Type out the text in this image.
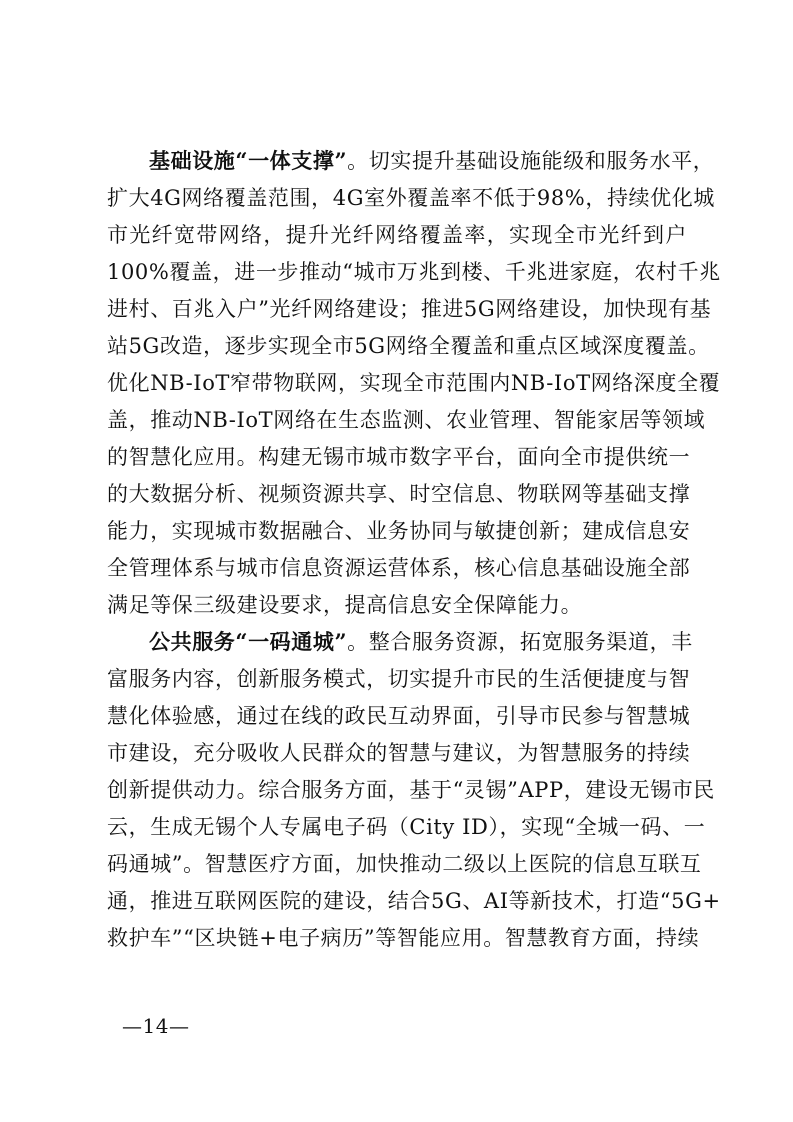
基础设施“一体支撑”。切实提升基础设施能级和服务水平，
扩大4G网络覆盖范围，4G室外覆盖率不低于98%，持续优化城
市光纤宽带网络，提升光纤网络覆盖率，实现全市光纤到户
100%覆盖，进一步推动“城市万兆到楼、千兆进家庭，农村千兆
进村、百兆入户”光纤网络建设；推进5G网络建设，加快现有基
站5G改造，逐步实现全市5G网络全覆盖和重点区域深度覆盖。
优化NB-IoT窄带物联网，实现全市范围内NB-IoT网络深度全覆
盖，推动NB-IoT网络在生态监测、农业管理、智能家居等领域
的智慧化应用。构建无锡市城市数字平台，面向全市提供统一
的大数据分析、视频资源共享、时空信息、物联网等基础支撑
能力，实现城市数据融合、业务协同与敏捷创新；建成信息安
全管理体系与城市信息资源运营体系，核心信息基础设施全部
满足等保三级建设要求，提高信息安全保障能力。
公共服务“一码通城”。整合服务资源，拓宽服务渠道，丰
富服务内容，创新服务模式，切实提升市民的生活便捷度与智
慧化体验感，通过在线的政民互动界面，引导市民参与智慧城
市建设，充分吸收人民群众的智慧与建议，为智慧服务的持续
创新提供动力。综合服务方面，基于“灵锡”APP，建设无锡市民
云，生成无锡个人专属电子码（City ID），实现“全城一码、一
码通城”。智慧医疗方面，加快推动二级以上医院的信息互联互
通，推进互联网医院的建设，结合5G、AI等新技术，打造“5G+
救护车”“区块链+电子病历”等智能应用。智慧教育方面，持续
—14—
